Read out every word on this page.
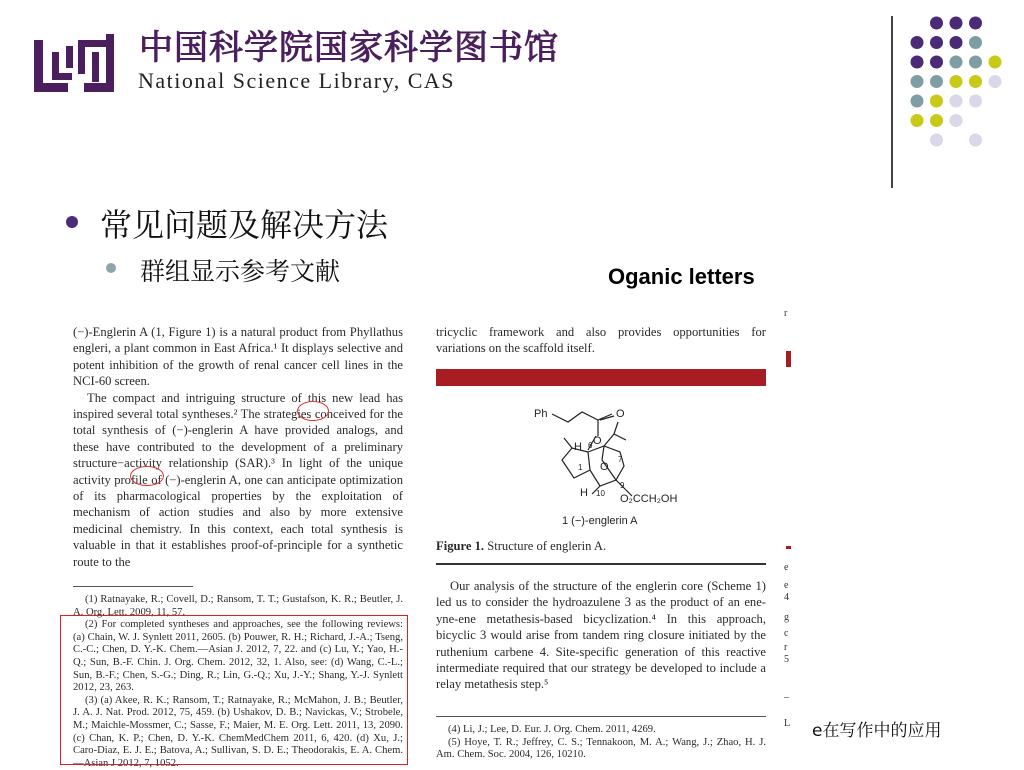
中国科学院国家科学图书馆
National Science Library, CAS
常见问题及解决方法
群组显示参考文献	Oganic letters

(−)-Englerin A (1, Figure 1) is a natural product from Phyllathus engleri, a plant common in East Africa.¹ It displays selective and potent inhibition of the growth of renal cancer cell lines in the NCI-60 screen.

The compact and intriguing structure of this new lead has inspired several total syntheses.² The strategies conceived for the total synthesis of (−)-englerin A have provided analogs, and these have contributed to the development of a preliminary structure−activity relationship (SAR).³ In light of the unique activity profile of (−)-englerin A, one can anticipate optimization of its pharmacological properties by the exploitation of mechanism of action studies and also by more extensive medicinal chemistry. In this context, each total synthesis is valuable in that it establishes proof-of-principle for a synthetic route to the

tricyclic framework and also provides opportunities for variations on the scaffold itself.

Ph	O
O
H 6
1
7
O
9
H 10 O₂CCH₂OH
1 (−)-englerin A
Figure 1. Structure of englerin A.

Our analysis of the structure of the englerin core (Scheme 1) led us to consider the hydroazulene 3 as the product of an ene-yne-ene metathesis-based bicyclization.⁴ In this approach, bicyclic 3 would arise from tandem ring closure initiated by the ruthenium carbene 4. Site-specific generation of this reactive intermediate required that our strategy be developed to include a relay metathesis step.⁵

(1) Ratnayake, R.; Covell, D.; Ransom, T. T.; Gustafson, K. R.; Beutler, J. A. Org. Lett. 2009, 11, 57.
(2) For completed syntheses and approaches, see the following reviews: (a) Chain, W. J. Synlett 2011, 2605. (b) Pouwer, R. H.; Richard, J.-A.; Tseng, C.-C.; Chen, D. Y.-K. Chem.—Asian J. 2012, 7, 22. and (c) Lu, Y.; Yao, H.-Q.; Sun, B.-F. Chin. J. Org. Chem. 2012, 32, 1. Also, see: (d) Wang, C.-L.; Sun, B.-F.; Chen, S.-G.; Ding, R.; Lin, G.-Q.; Xu, J.-Y.; Shang, Y.-J. Synlett 2012, 23, 263.
(3) (a) Akee, R. K.; Ransom, T.; Ratnayake, R.; McMahon, J. B.; Beutler, J. A. J. Nat. Prod. 2012, 75, 459. (b) Ushakov, D. B.; Navickas, V.; Strobele, M.; Maichle-Mossmer, C.; Sasse, F.; Maier, M. E. Org. Lett. 2011, 13, 2090. (c) Chan, K. P.; Chen, D. Y.-K. ChemMedChem 2011, 6, 420. (d) Xu, J.; Caro-Diaz, E. J. E.; Batova, A.; Sullivan, S. D. E.; Theodorakis, E. A. Chem.—Asian J 2012, 7, 1052.
(4) Li, J.; Lee, D. Eur. J. Org. Chem. 2011, 4269.
(5) Hoye, T. R.; Jeffrey, C. S.; Tennakoon, M. A.; Wang, J.; Zhao, H. J. Am. Chem. Soc. 2004, 126, 10210.
r
e
e
4
g
c
r
5
–
L e在写作中的应用
